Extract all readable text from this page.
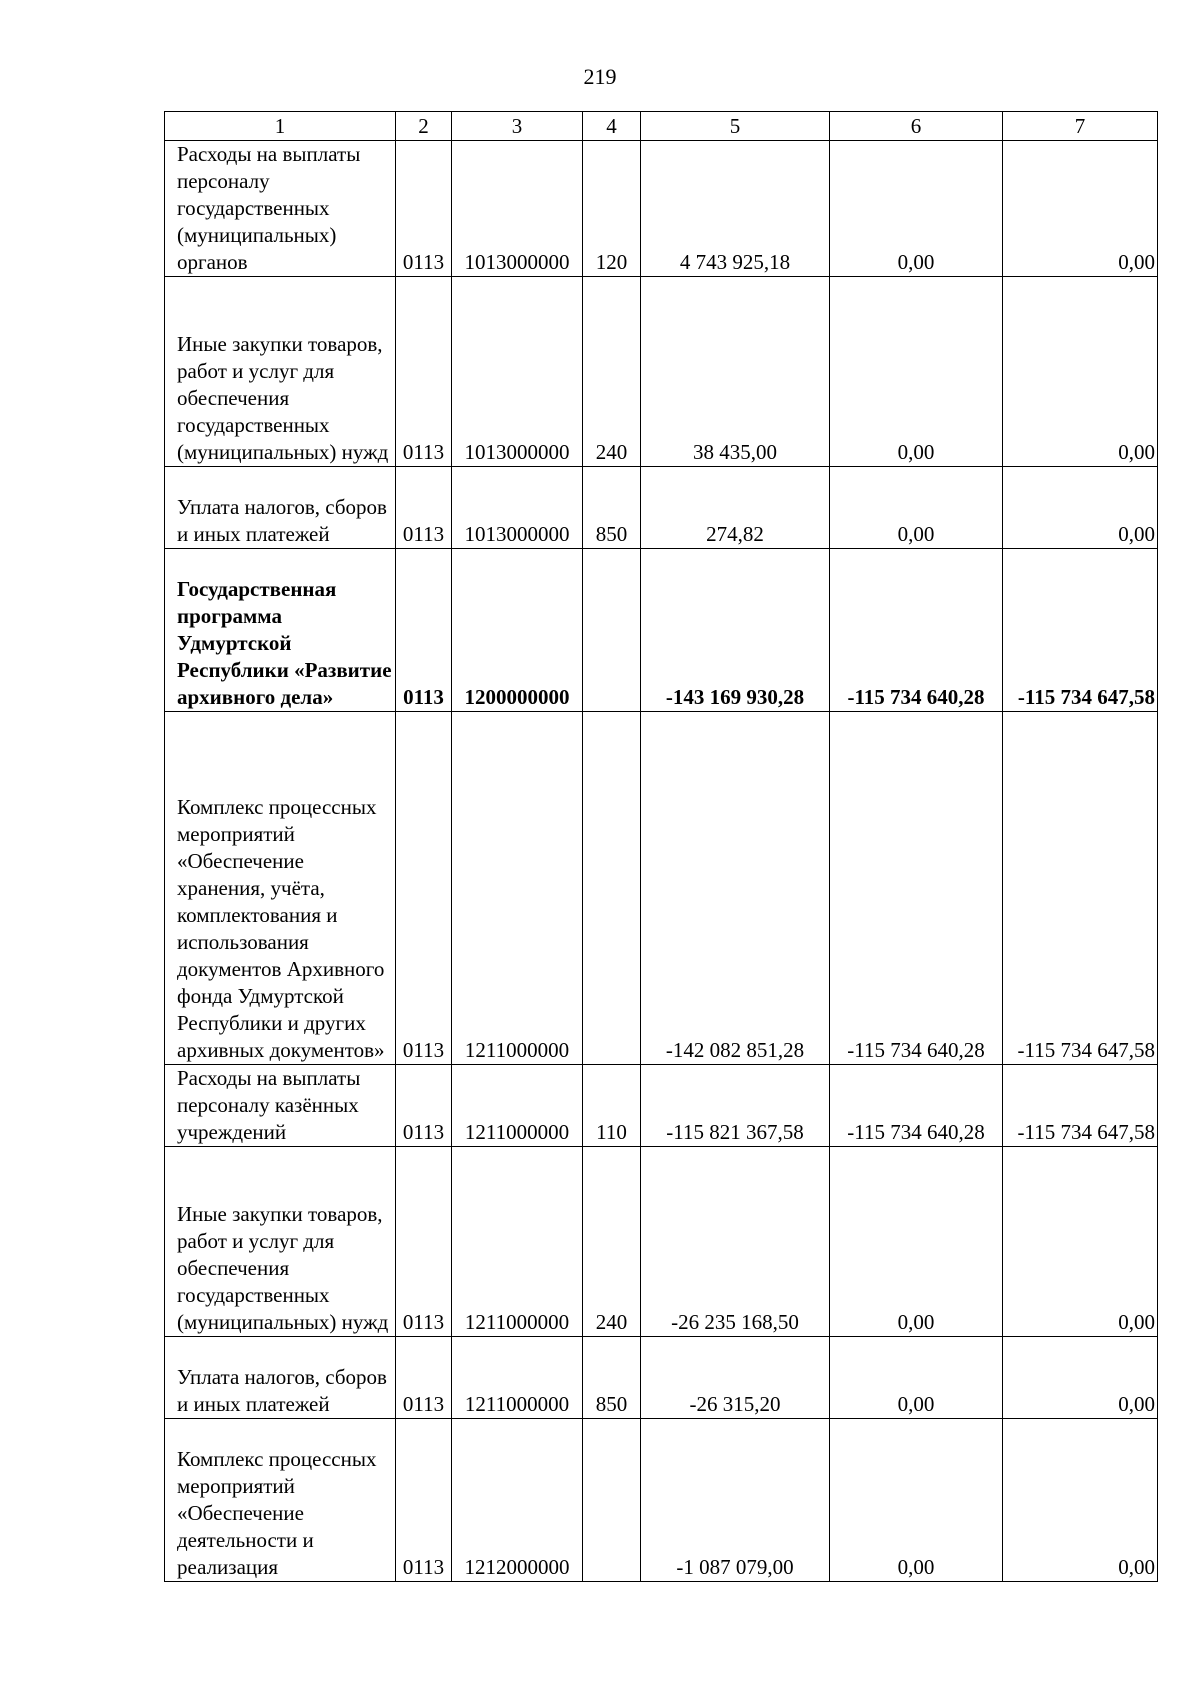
219
1	2	3	4	5	6	7
Расходы на выплаты персоналу государственных (муниципальных) органов	0113	1013000000	120	4 743 925,18	0,00	0,00
Иные закупки товаров, работ и услуг для обеспечения государственных (муниципальных) нужд	0113	1013000000	240	38 435,00	0,00	0,00
Уплата налогов, сборов и иных платежей	0113	1013000000	850	274,82	0,00	0,00
Государственная программа Удмуртской Республики «Развитие архивного дела»	0113	1200000000		-143 169 930,28	-115 734 640,28	-115 734 647,58
Комплекс процессных мероприятий «Обеспечение хранения, учёта, комплектования и использования документов Архивного фонда Удмуртской Республики и других архивных документов»	0113	1211000000		-142 082 851,28	-115 734 640,28	-115 734 647,58
Расходы на выплаты персоналу казённых учреждений	0113	1211000000	110	-115 821 367,58	-115 734 640,28	-115 734 647,58
Иные закупки товаров, работ и услуг для обеспечения государственных (муниципальных) нужд	0113	1211000000	240	-26 235 168,50	0,00	0,00
Уплата налогов, сборов и иных платежей	0113	1211000000	850	-26 315,20	0,00	0,00
Комплекс процессных мероприятий «Обеспечение деятельности и реализация	0113	1212000000		-1 087 079,00	0,00	0,00
